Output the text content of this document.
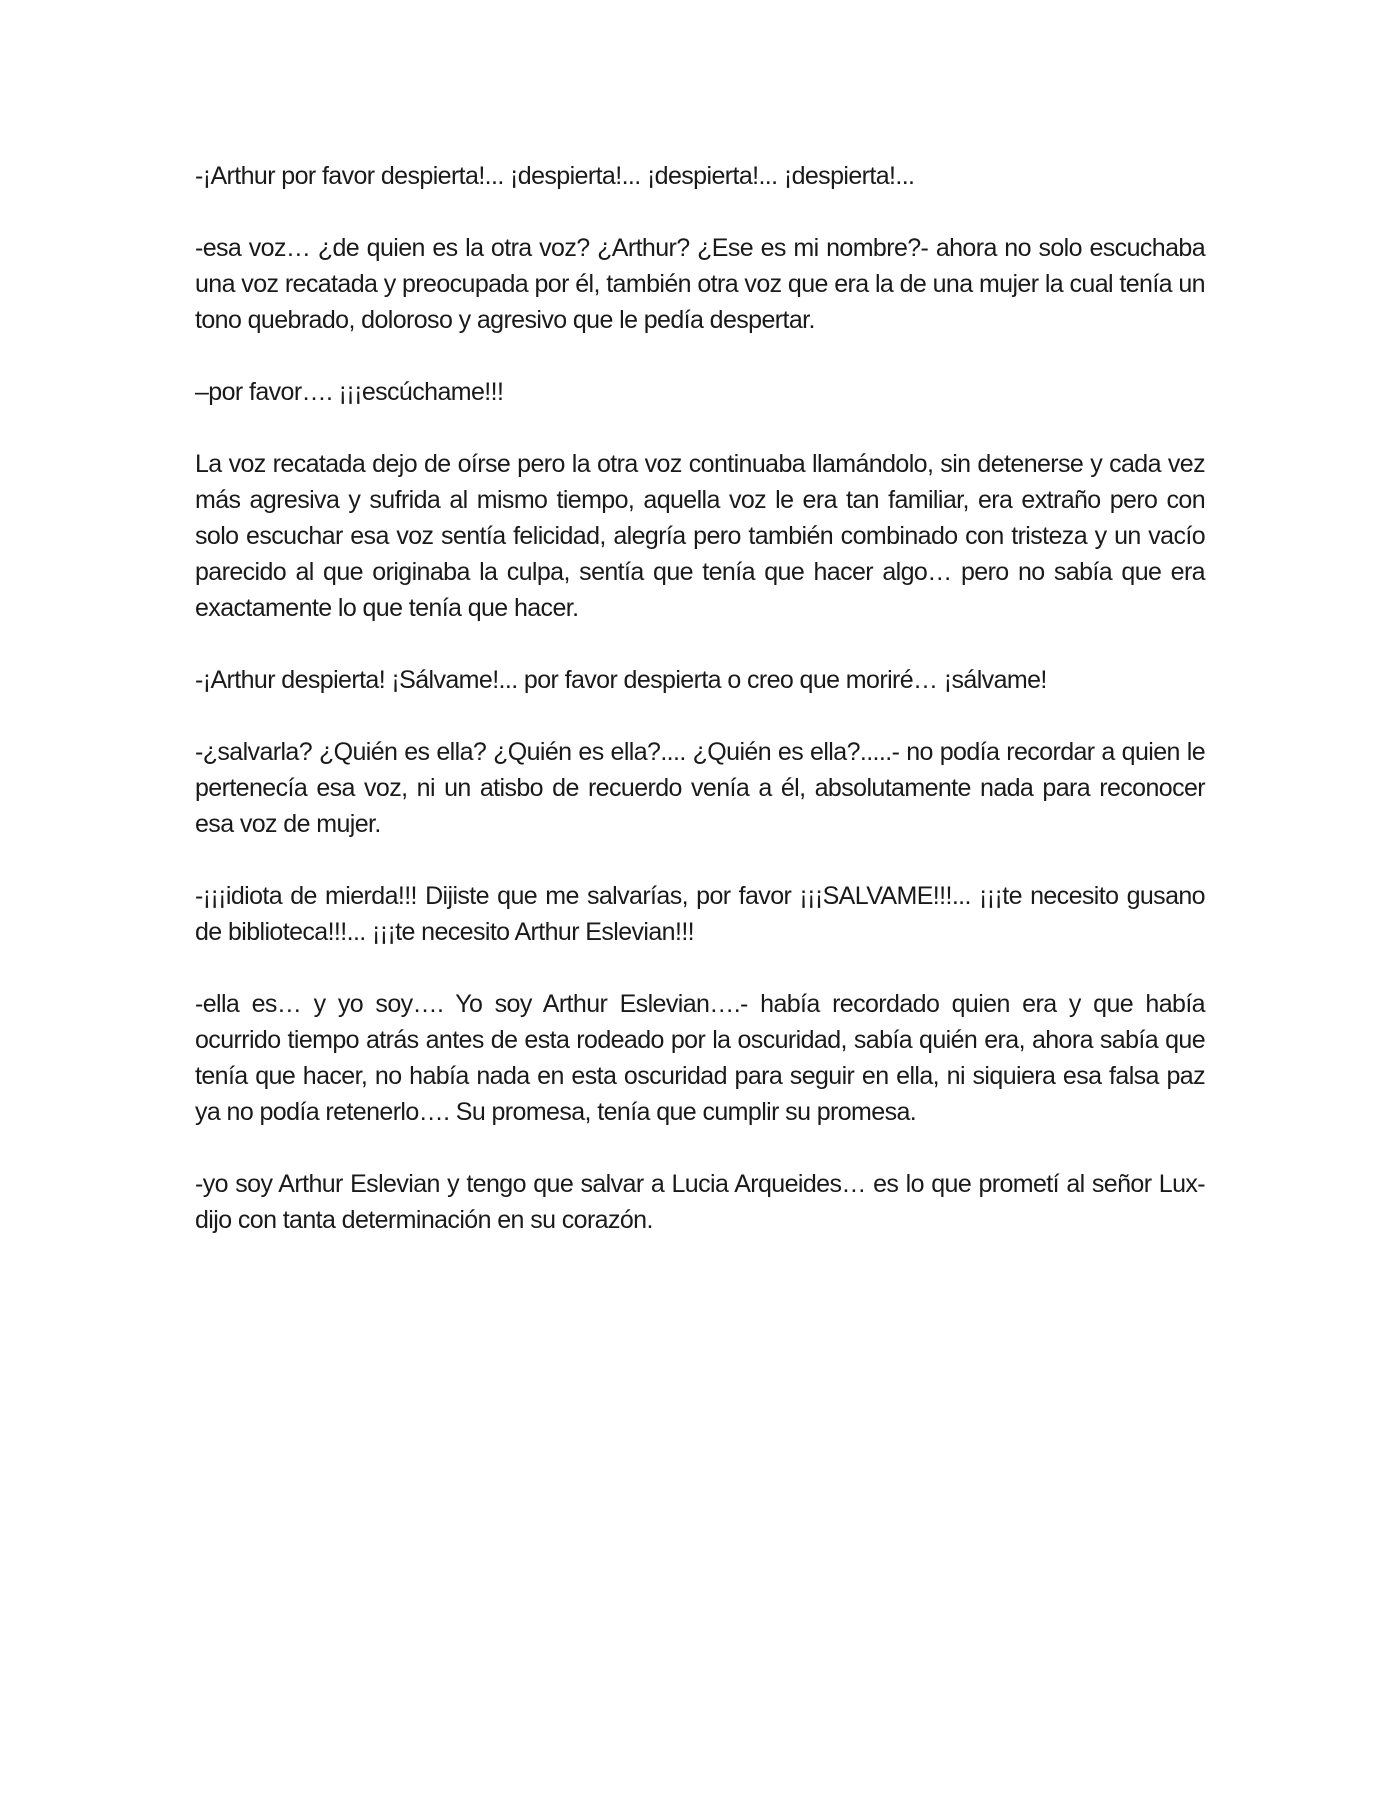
-¡Arthur por favor despierta!... ¡despierta!... ¡despierta!... ¡despierta!...

-esa voz… ¿de quien es la otra voz? ¿Arthur? ¿Ese es mi nombre?- ahora no solo escuchaba una voz recatada y preocupada por él, también otra voz que era la de una mujer la cual tenía un tono quebrado, doloroso y agresivo que le pedía despertar.

–por favor…. ¡¡¡escúchame!!!

La voz recatada dejo de oírse pero la otra voz continuaba llamándolo, sin detenerse y cada vez más agresiva y sufrida al mismo tiempo, aquella voz le era tan familiar, era extraño pero con solo escuchar esa voz sentía felicidad, alegría pero también combinado con tristeza y un vacío parecido al que originaba la culpa, sentía que tenía que hacer algo… pero no sabía que era exactamente lo que tenía que hacer.

-¡Arthur despierta! ¡Sálvame!... por favor despierta o creo que moriré… ¡sálvame!

-¿salvarla? ¿Quién es ella? ¿Quién es ella?.... ¿Quién es ella?.....- no podía recordar a quien le pertenecía esa voz, ni un atisbo de recuerdo venía a él, absolutamente nada para reconocer esa voz de mujer.

-¡¡¡idiota de mierda!!! Dijiste que me salvarías, por favor ¡¡¡SALVAME!!!... ¡¡¡te necesito gusano de biblioteca!!!... ¡¡¡te necesito Arthur Eslevian!!!

-ella es… y yo soy…. Yo soy Arthur Eslevian….- había recordado quien era y que había ocurrido tiempo atrás antes de esta rodeado por la oscuridad, sabía quién era, ahora sabía que tenía que hacer, no había nada en esta oscuridad para seguir en ella, ni siquiera esa falsa paz ya no podía retenerlo…. Su promesa, tenía que cumplir su promesa.

-yo soy Arthur Eslevian y tengo que salvar a Lucia Arqueides… es lo que prometí al señor Lux- dijo con tanta determinación en su corazón.
